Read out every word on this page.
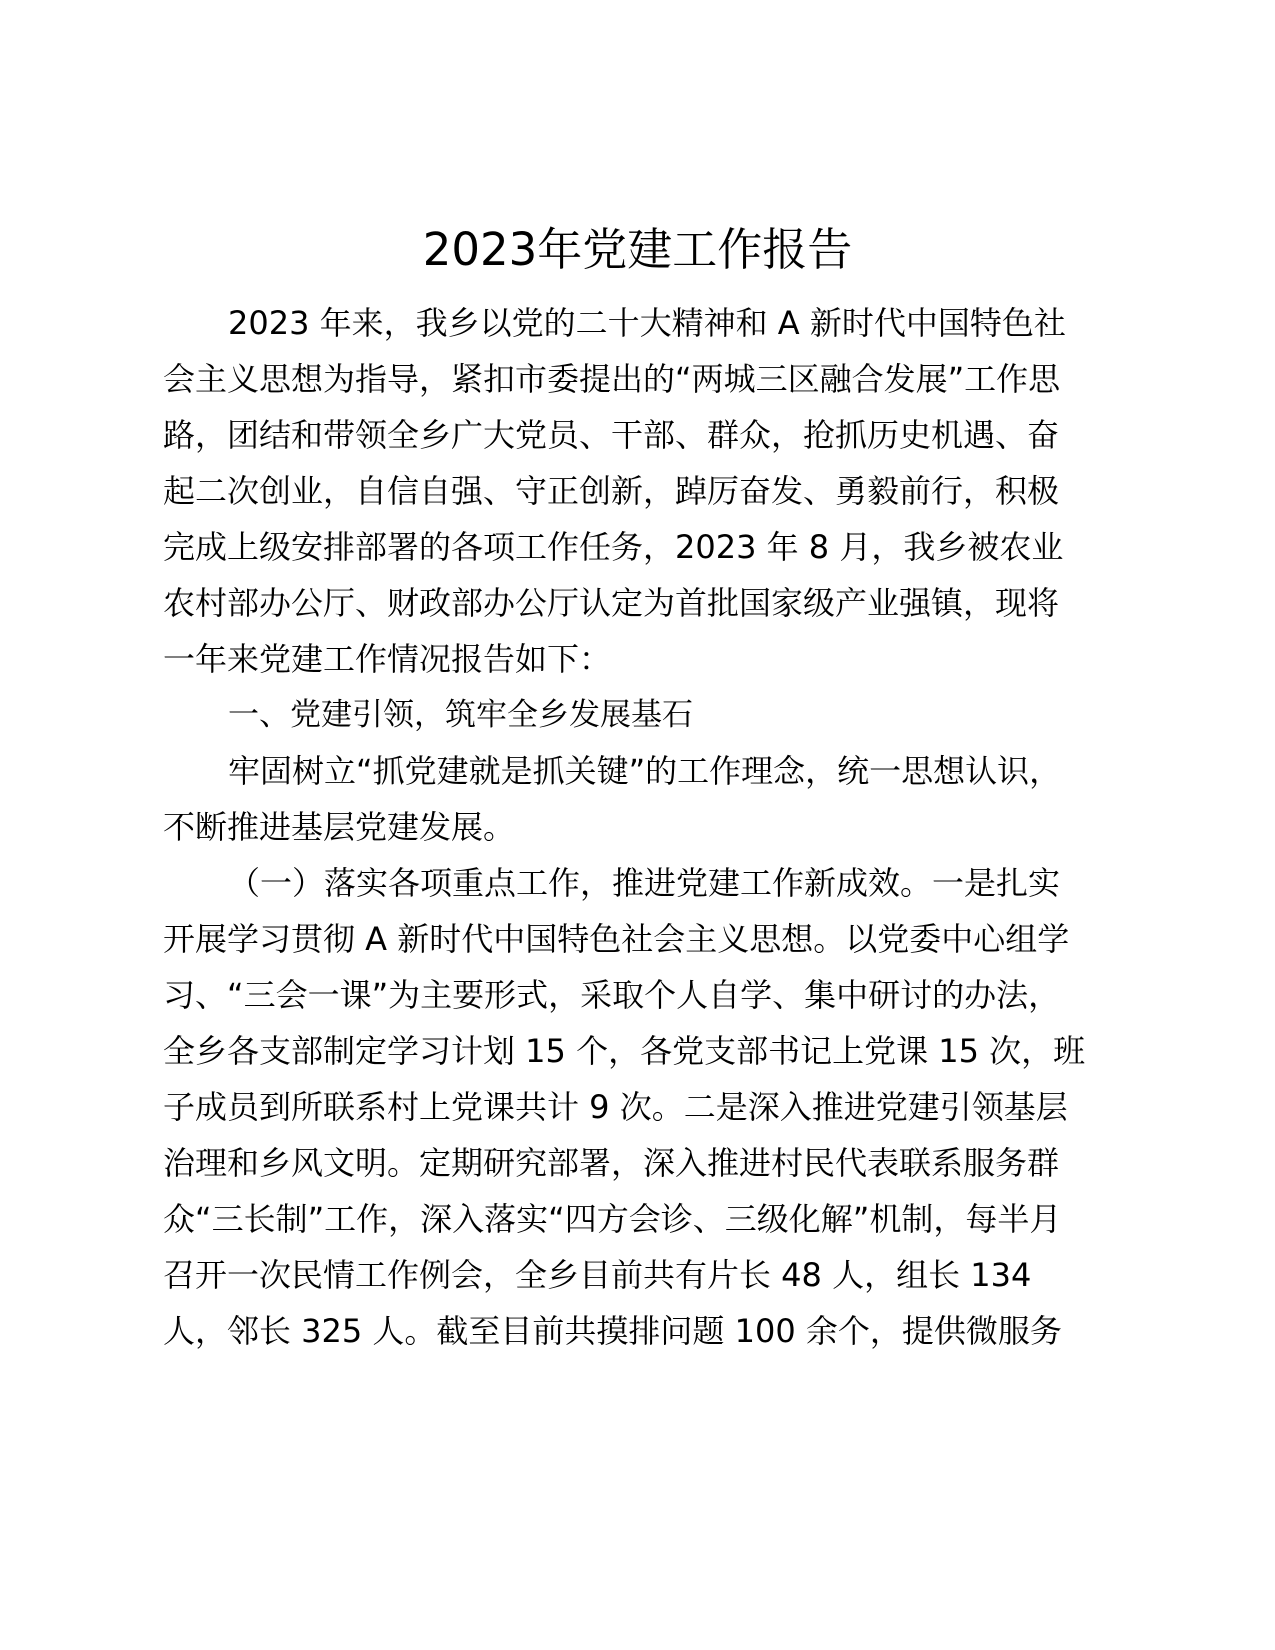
2023年党建工作报告

2023 年来，我乡以党的二十大精神和 A 新时代中国特色社

会主义思想为指导，紧扣市委提出的“两城三区融合发展”工作思

路，团结和带领全乡广大党员、干部、群众，抢抓历史机遇、奋

起二次创业，自信自强、守正创新，踔厉奋发、勇毅前行，积极

完成上级安排部署的各项工作任务，2023 年 8 月，我乡被农业

农村部办公厅、财政部办公厅认定为首批国家级产业强镇，现将

一年来党建工作情况报告如下：

一、党建引领，筑牢全乡发展基石

牢固树立“抓党建就是抓关键”的工作理念，统一思想认识，

不断推进基层党建发展。

（一）落实各项重点工作，推进党建工作新成效。一是扎实

开展学习贯彻 A 新时代中国特色社会主义思想。以党委中心组学

习、“三会一课”为主要形式，采取个人自学、集中研讨的办法，

全乡各支部制定学习计划 15 个，各党支部书记上党课 15 次，班

子成员到所联系村上党课共计 9 次。二是深入推进党建引领基层

治理和乡风文明。定期研究部署，深入推进村民代表联系服务群

众“三长制”工作，深入落实“四方会诊、三级化解”机制，每半月

召开一次民情工作例会，全乡目前共有片长 48 人，组长 134

人，邻长 325 人。截至目前共摸排问题 100 余个，提供微服务
